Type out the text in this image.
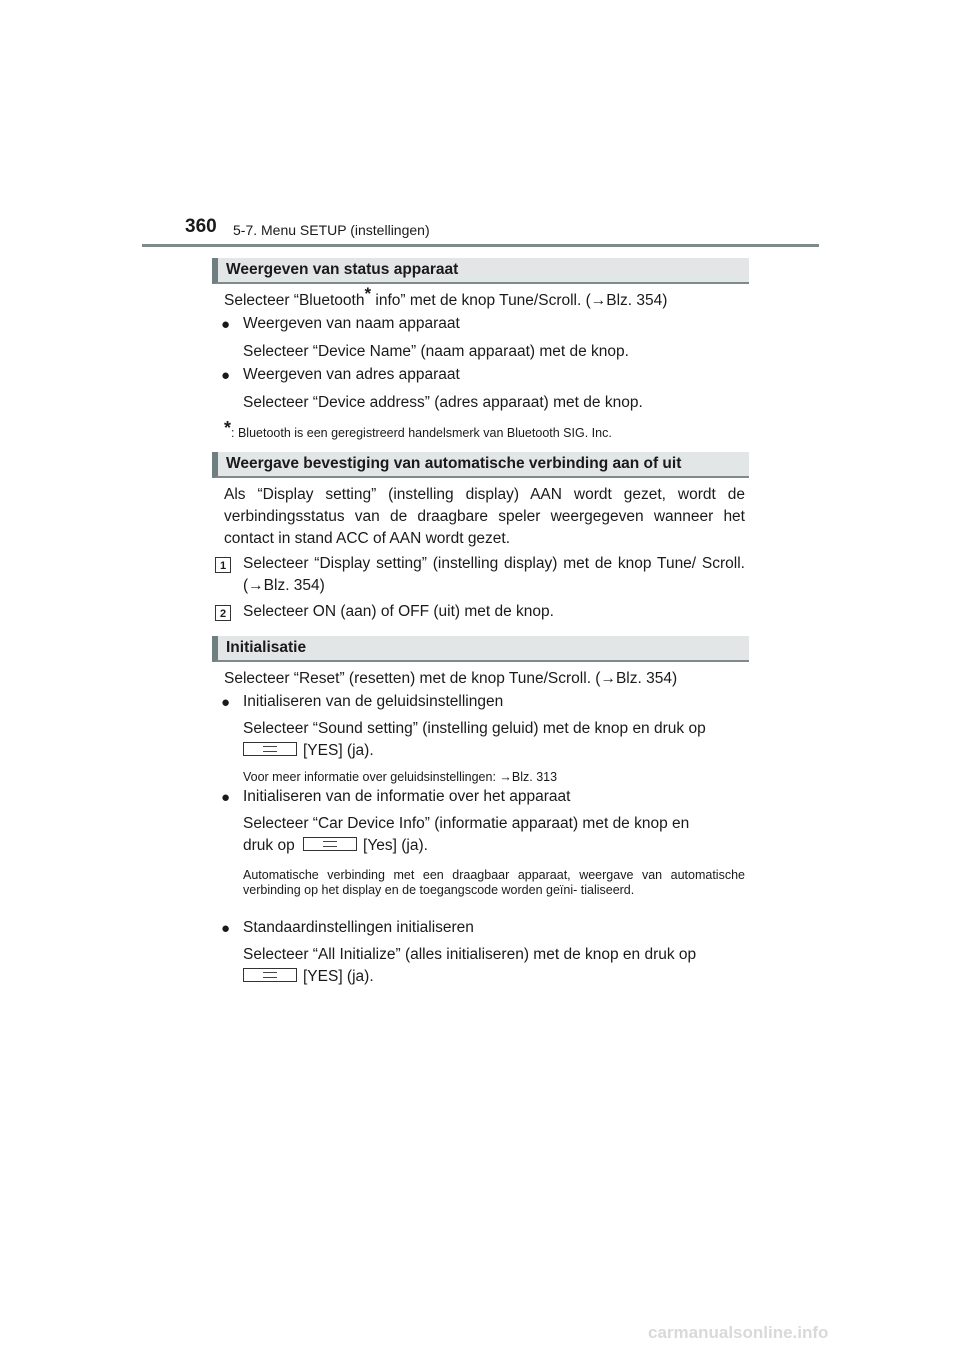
360 5-7. Menu SETUP (instellingen)
Weergeven van status apparaat
Selecteer “Bluetooth* info” met de knop Tune/Scroll. (→Blz. 354)
● Weergeven van naam apparaat
Selecteer “Device Name” (naam apparaat) met de knop.
● Weergeven van adres apparaat
Selecteer “Device address” (adres apparaat) met de knop.
*: Bluetooth is een geregistreerd handelsmerk van Bluetooth SIG. Inc.
Weergave bevestiging van automatische verbinding aan of uit
Als “Display setting” (instelling display) AAN wordt gezet, wordt de verbindingsstatus van de draagbare speler weergegeven wanneer het contact in stand ACC of AAN wordt gezet.
1	Selecteer “Display setting” (instelling display) met de knop Tune/ Scroll. (→Blz. 354)
2	Selecteer ON (aan) of OFF (uit) met de knop.
Initialisatie
Selecteer “Reset” (resetten) met de knop Tune/Scroll. (→Blz. 354)
● Initialiseren van de geluidsinstellingen
Selecteer “Sound setting” (instelling geluid) met de knop en druk op
[YES] (ja).
Voor meer informatie over geluidsinstellingen: →Blz. 313
● Initialiseren van de informatie over het apparaat
Selecteer “Car Device Info” (informatie apparaat) met de knop en
druk op	[Yes] (ja).
Automatische verbinding met een draagbaar apparaat, weergave van automatische verbinding op het display en de toegangscode worden geïni- tialiseerd.
● Standaardinstellingen initialiseren
Selecteer “All Initialize” (alles initialiseren) met de knop en druk op
[YES] (ja).
carmanualsonline.info
